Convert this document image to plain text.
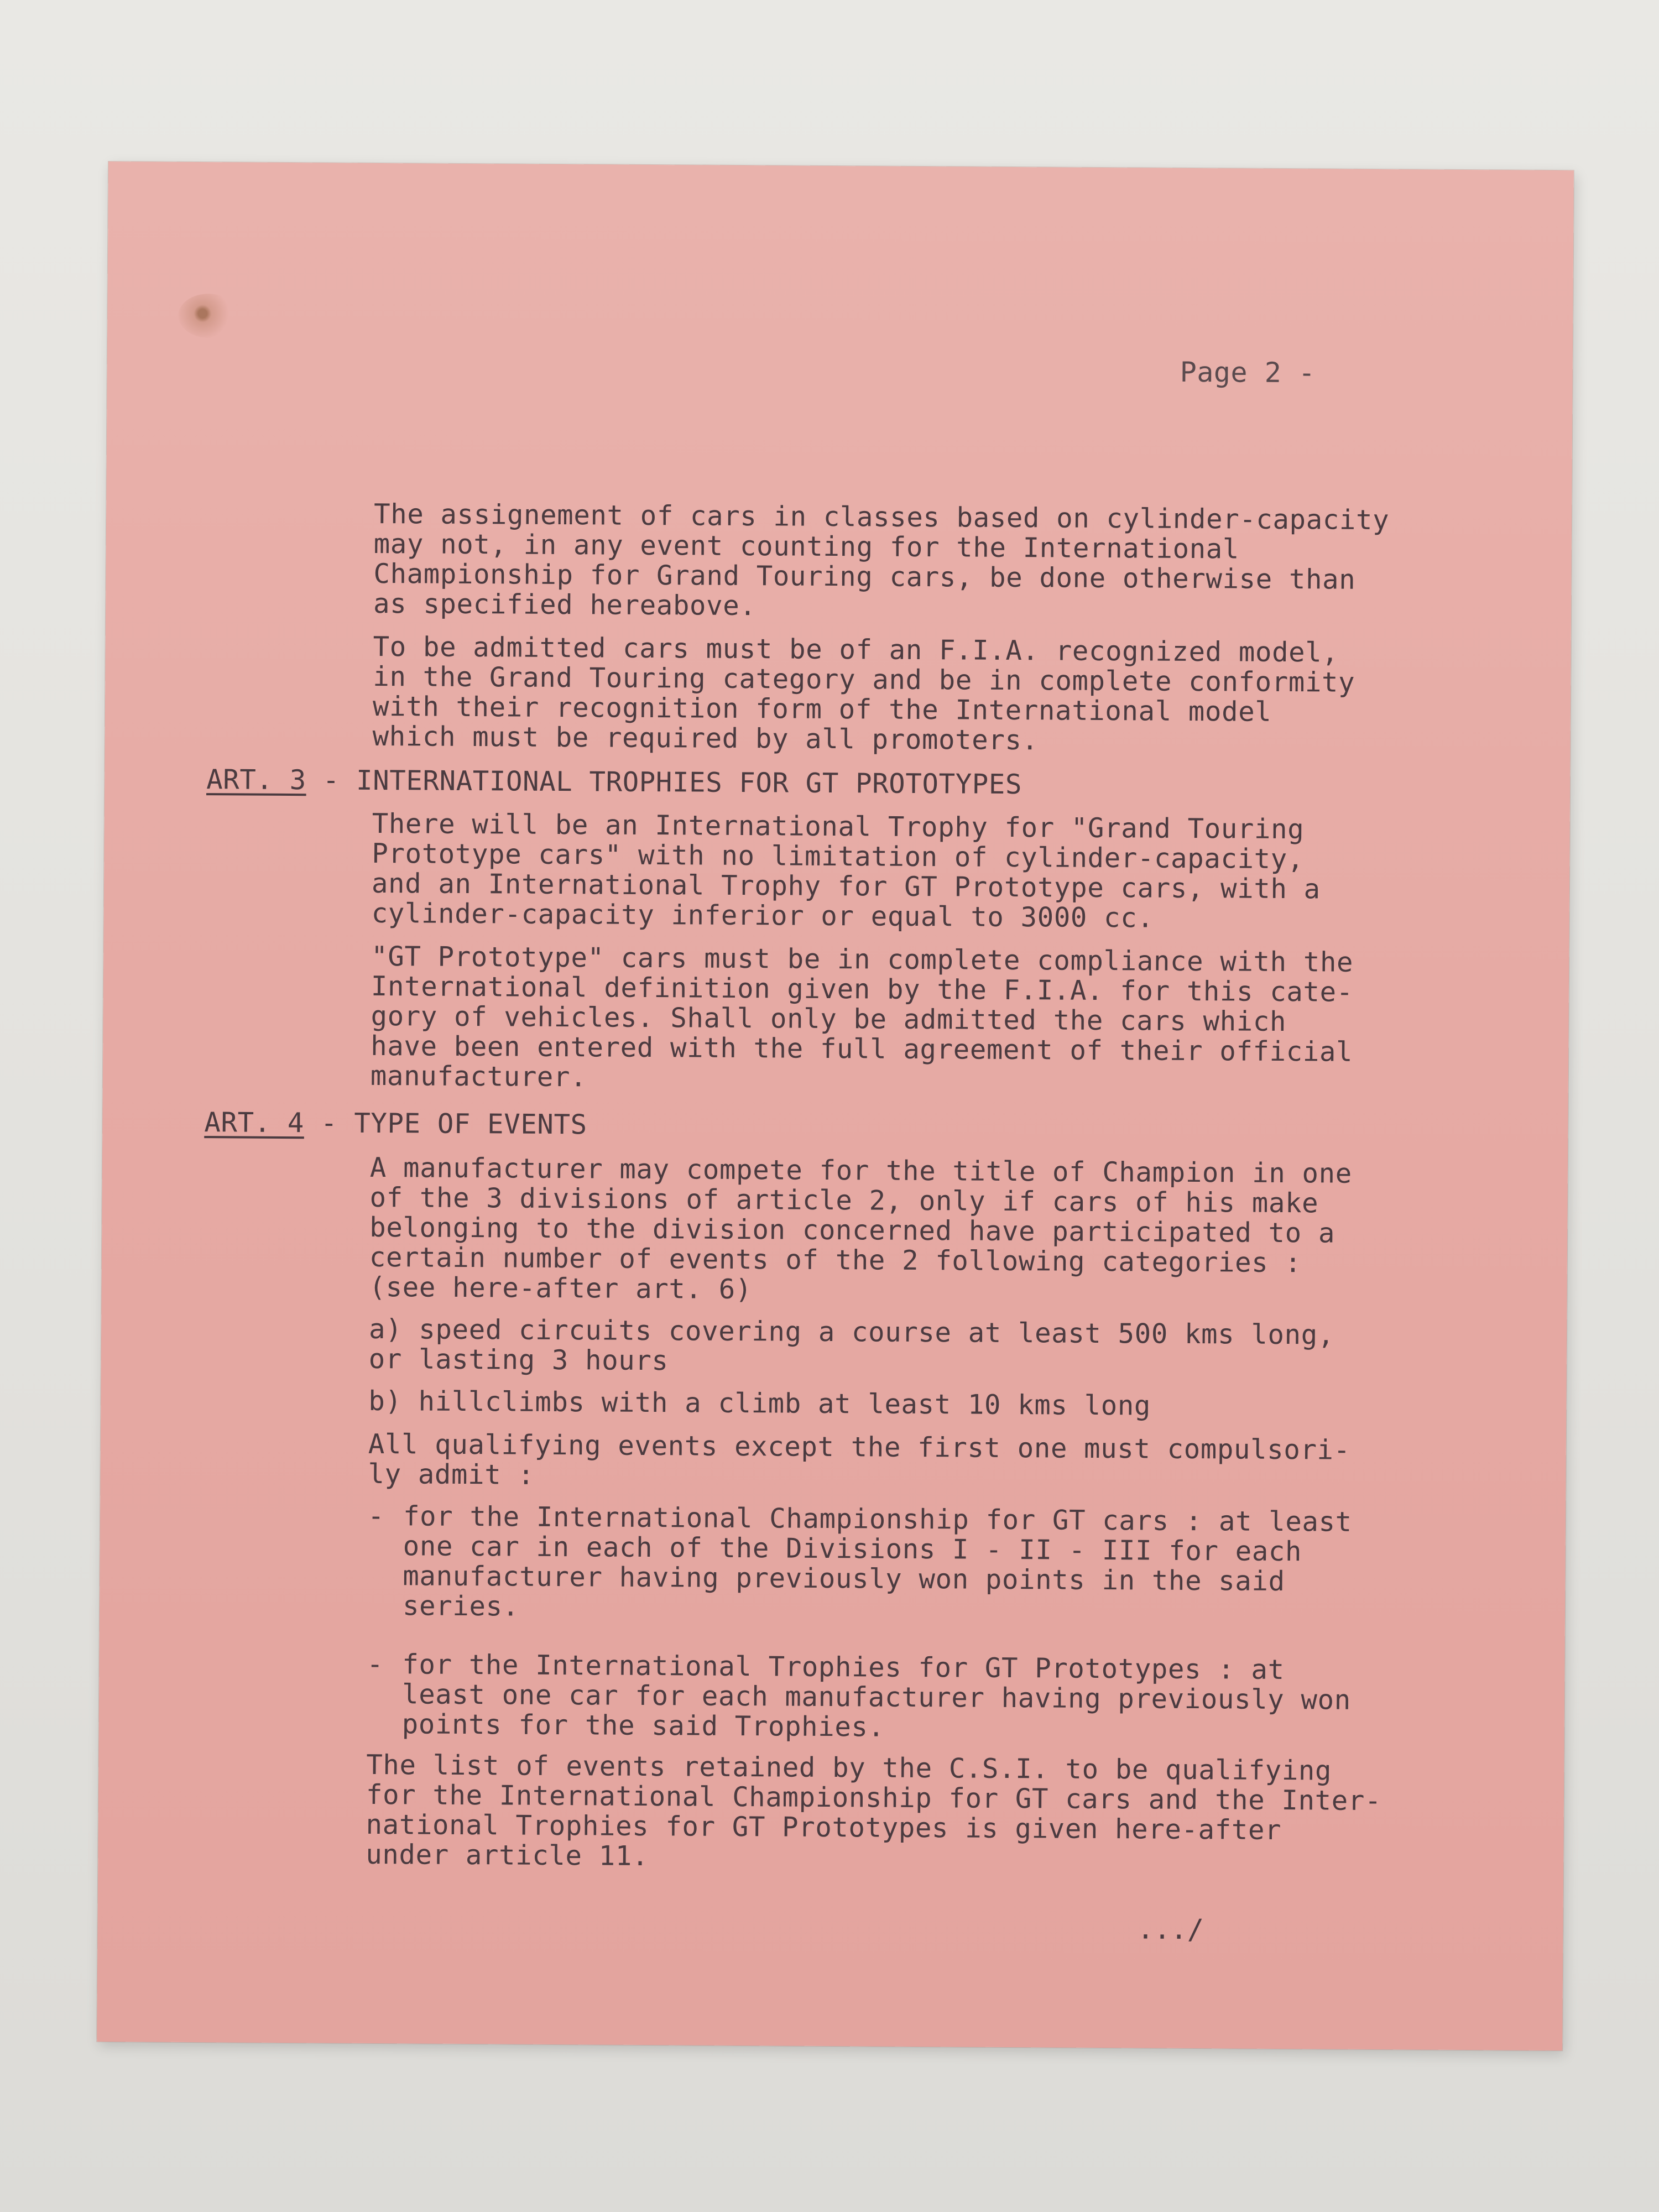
Page 2 -
The assignement of cars in classes based on cylinder-capacity
may not, in any event counting for the International
Championship for Grand Touring cars, be done otherwise than
as specified hereabove.
To be admitted cars must be of an F.I.A. recognized model,
in the Grand Touring category and be in complete conformity
with their recognition form of the International model
which must be required by all promoters.
ART. 3 - INTERNATIONAL TROPHIES FOR GT PROTOTYPES
There will be an International Trophy for "Grand Touring
Prototype cars" with no limitation of cylinder-capacity,
and an International Trophy for GT Prototype cars, with a
cylinder-capacity inferior or equal to 3000 cc.
"GT Prototype" cars must be in complete compliance with the
International definition given by the F.I.A. for this cate-
gory of vehicles. Shall only be admitted the cars which
have been entered with the full agreement of their official
manufacturer.
ART. 4 - TYPE OF EVENTS
A manufacturer may compete for the title of Champion in one
of the 3 divisions of article 2, only if cars of his make
belonging to the division concerned have participated to a
certain number of events of the 2 following categories :
(see here-after art. 6)
a) speed circuits covering a course at least 500 kms long,
or lasting 3 hours
b) hillclimbs with a climb at least 10 kms long
All qualifying events except the first one must compulsori-
ly admit :
- for the International Championship for GT cars : at least
one car in each of the Divisions I - II - III for each
manufacturer having previously won points in the said
series.
- for the International Trophies for GT Prototypes : at
least one car for each manufacturer having previously won
points for the said Trophies.
The list of events retained by the C.S.I. to be qualifying
for the International Championship for GT cars and the Inter-
national Trophies for GT Prototypes is given here-after
under article 11.
.../
